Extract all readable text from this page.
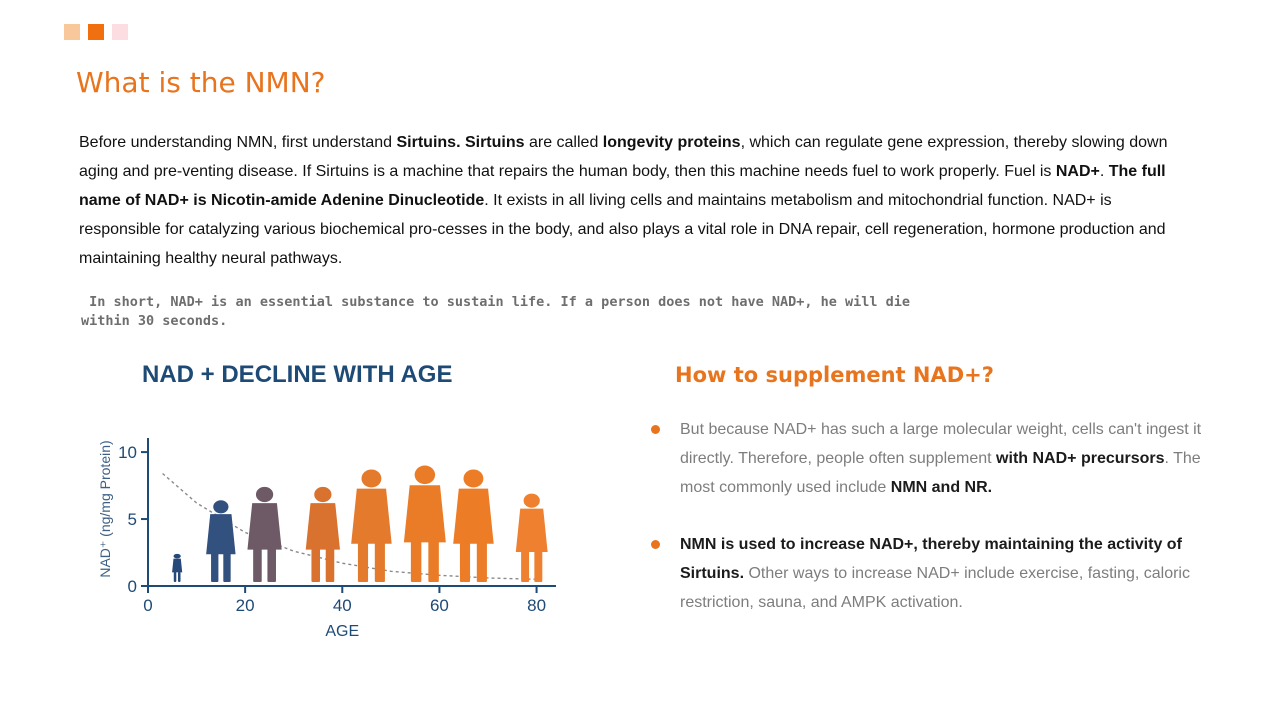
What is the NMN?

Before understanding NMN, first understand Sirtuins. Sirtuins are called longevity proteins, which can regulate gene expression, thereby slowing down aging and pre-venting disease. If Sirtuins is a machine that repairs the human body, then this machine needs fuel to work properly. Fuel is NAD+. The full name of NAD+ is Nicotin-amide Adenine Dinucleotide. It exists in all living cells and maintains metabolism and mitochondrial function. NAD+ is responsible for catalyzing various biochemical pro-cesses in the body, and also plays a vital role in DNA repair, cell regeneration, hormone production and maintaining healthy neural pathways.

In short, NAD+ is an essential substance to sustain life. If a person does not have NAD+, he will die
within 30 seconds.

NAD + DECLINE WITH AGE
NAD⁺ (ng/mg Protein)
AGE
0	20	40	60	80
0
5
10
How to supplement NAD+?
But because NAD+ has such a large molecular weight, cells can't ingest it directly. Therefore, people often supplement with NAD+ precursors. The most commonly used include NMN and NR.
NMN is used to increase NAD+, thereby maintaining the activity of Sirtuins. Other ways to increase NAD+ include exercise, fasting, caloric restriction, sauna, and AMPK activation.
